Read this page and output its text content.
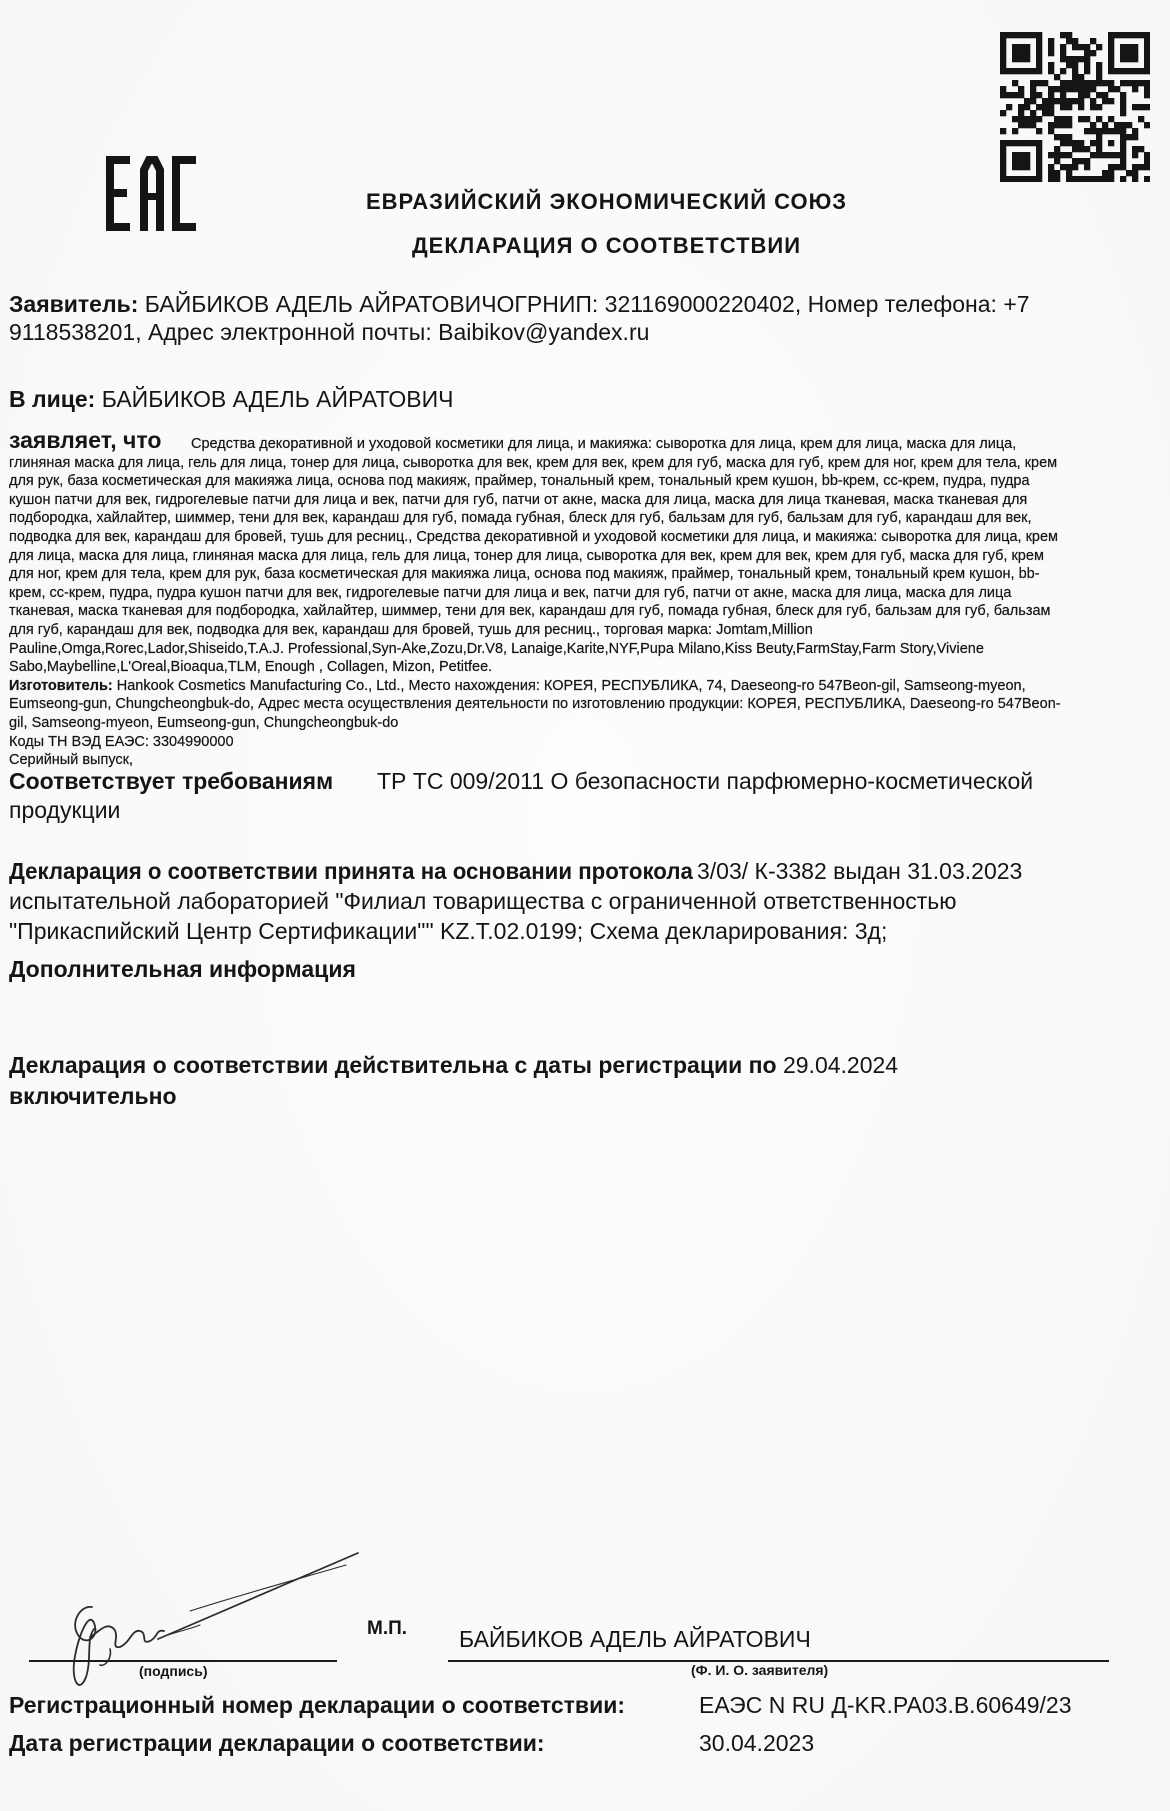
ЕВРАЗИЙСКИЙ ЭКОНОМИЧЕСКИЙ СОЮЗ
ДЕКЛАРАЦИЯ О СООТВЕТСТВИИ
Заявитель: БАЙБИКОВ АДЕЛЬ АЙРАТОВИЧОГРНИП: 321169000220402, Номер телефона: +7
9118538201, Адрес электронной почты: Baibikov@yandex.ru
В лице: БАЙБИКОВ АДЕЛЬ АЙРАТОВИЧ
заявляет, что Средства декоративной и уходовой косметики для лица, и макияжа: сыворотка для лица, крем для лица, маска для лица,
глиняная маска для лица, гель для лица, тонер для лица, сыворотка для век, крем для век, крем для губ, маска для губ, крем для ног, крем для тела, крем
для рук, база косметическая для макияжа лица, основа под макияж, праймер, тональный крем, тональный крем кушон, bb-крем, cc-крем, пудра, пудра
кушон патчи для век, гидрогелевые патчи для лица и век, патчи для губ, патчи от акне, маска для лица, маска для лица тканевая, маска тканевая для
подбородка, хайлайтер, шиммер, тени для век, карандаш для губ, помада губная, блеск для губ, бальзам для губ, бальзам для губ, карандаш для век,
подводка для век, карандаш для бровей, тушь для ресниц., Средства декоративной и уходовой косметики для лица, и макияжа: сыворотка для лица, крем
для лица, маска для лица, глиняная маска для лица, гель для лица, тонер для лица, сыворотка для век, крем для век, крем для губ, маска для губ, крем
для ног, крем для тела, крем для рук, база косметическая для макияжа лица, основа под макияж, праймер, тональный крем, тональный крем кушон, bb-
крем, cc-крем, пудра, пудра кушон патчи для век, гидрогелевые патчи для лица и век, патчи для губ, патчи от акне, маска для лица, маска для лица
тканевая, маска тканевая для подбородка, хайлайтер, шиммер, тени для век, карандаш для губ, помада губная, блеск для губ, бальзам для губ, бальзам
для губ, карандаш для век, подводка для век, карандаш для бровей, тушь для ресниц., торговая марка: Jomtam,Million
Pauline,Omga,Rorec,Lador,Shiseido,T.A.J. Professional,Syn-Ake,Zozu,Dr.V8, Lanaige,Karite,NYF,Pupa Milano,Kiss Beuty,FarmStay,Farm Story,Viviene
Sabo,Maybelline,L'Oreal,Bioaqua,TLM, Enough , Collagen, Mizon, Petitfee.
Изготовитель: Hankook Cosmetics Manufacturing Co., Ltd., Место нахождения: КОРЕЯ, РЕСПУБЛИКА, 74, Daeseong-ro 547Beon-gil, Samseong-myeon,
Eumseong-gun, Chungcheongbuk-do, Адрес места осуществления деятельности по изготовлению продукции: КОРЕЯ, РЕСПУБЛИКА, Daeseong-ro 547Beon-
gil, Samseong-myeon, Eumseong-gun, Chungcheongbuk-do
Коды ТН ВЭД ЕАЭС: 3304990000
Серийный выпуск,
Соответствует требованиям	ТР ТС 009/2011 О безопасности парфюмерно-косметической
продукции
Декларация о соответствии принята на основании протокола 3/03/ К-3382 выдан 31.03.2023
испытательной лабораторией "Филиал товарищества с ограниченной ответственностью
"Прикаспийский Центр Сертификации"" KZ.T.02.0199; Схема декларирования: 3д;
Дополнительная информация
Декларация о соответствии действительна с даты регистрации по 29.04.2024
включительно
М.П. БАЙБИКОВ АДЕЛЬ АЙРАТОВИЧ
(подпись)	(Ф. И. О. заявителя)
Регистрационный номер декларации о соответствии:	ЕАЭС N RU Д-KR.PA03.B.60649/23
Дата регистрации декларации о соответствии:	30.04.2023
